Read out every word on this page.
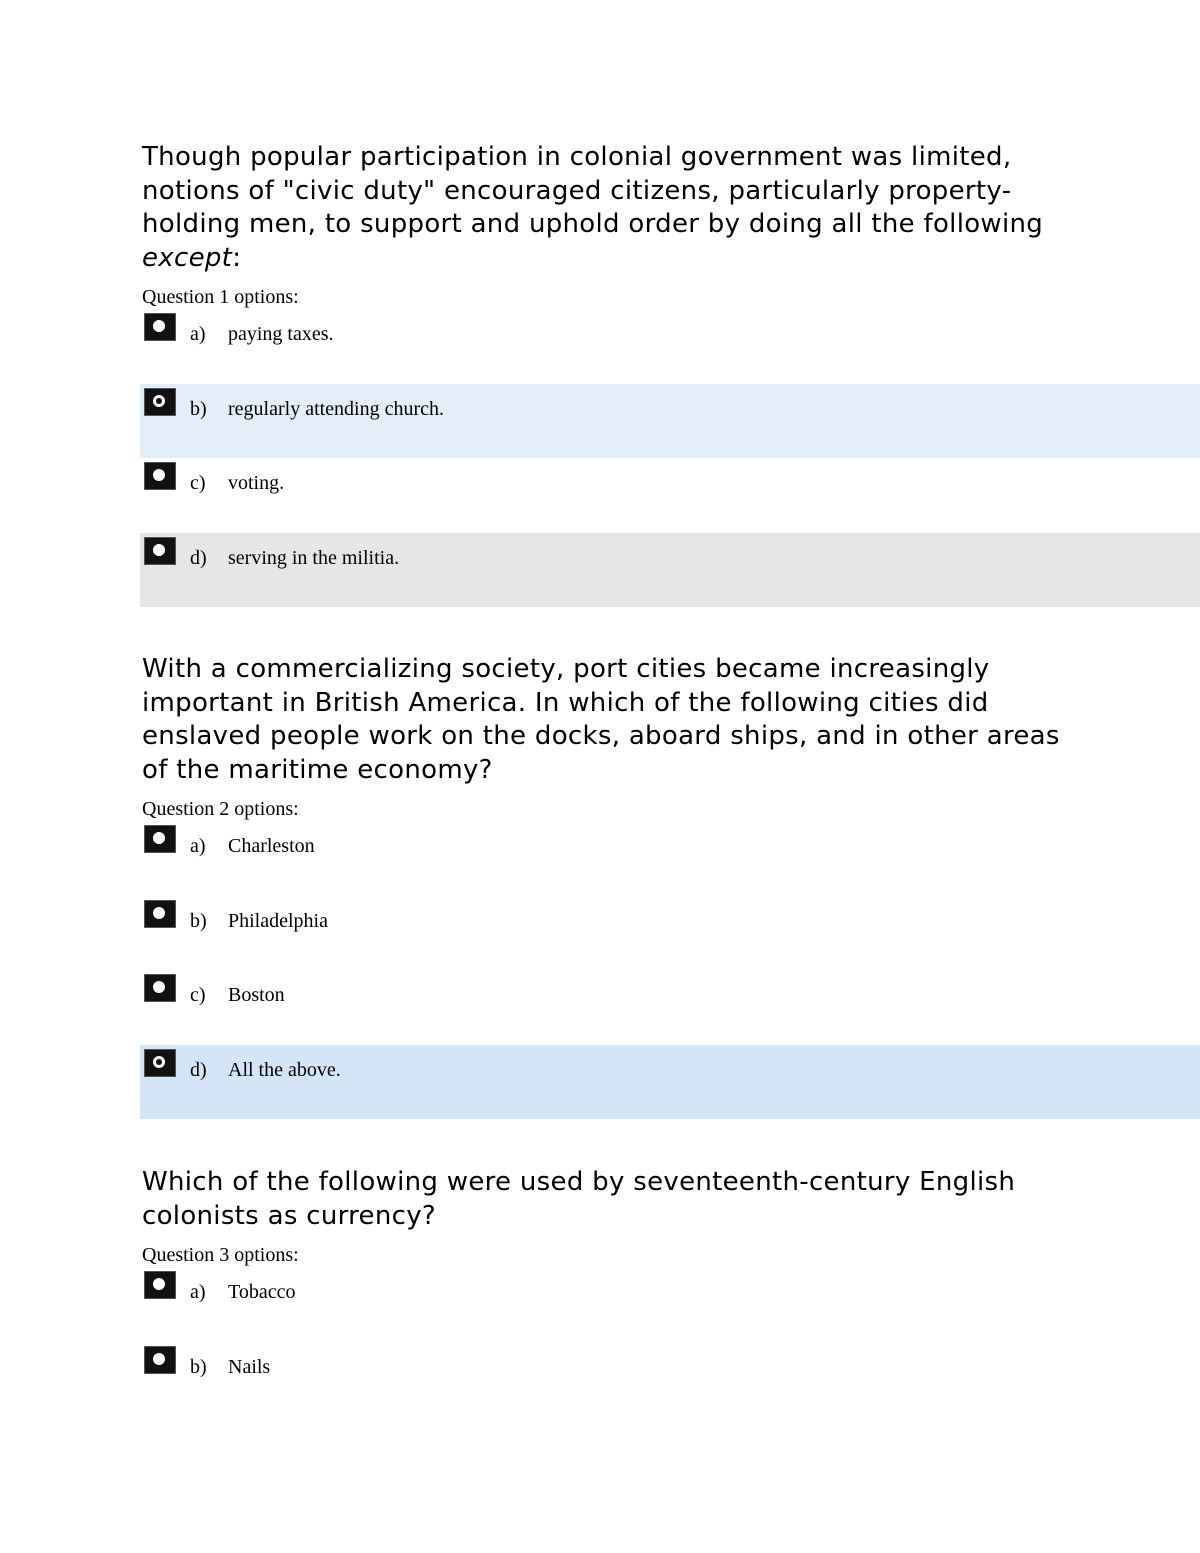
Though popular participation in colonial government was limited, notions of "civic duty" encouraged citizens, particularly property-holding men, to support and uphold order by doing all the following except:

Question 1 options:
a) paying taxes.
b) regularly attending church.
c) voting.
d) serving in the militia.

With a commercializing society, port cities became increasingly important in British America. In which of the following cities did enslaved people work on the docks, aboard ships, and in other areas of the maritime economy?

Question 2 options:
a) Charleston
b) Philadelphia
c) Boston
d) All the above.

Which of the following were used by seventeenth-century English colonists as currency?

Question 3 options:
a) Tobacco
b) Nails
